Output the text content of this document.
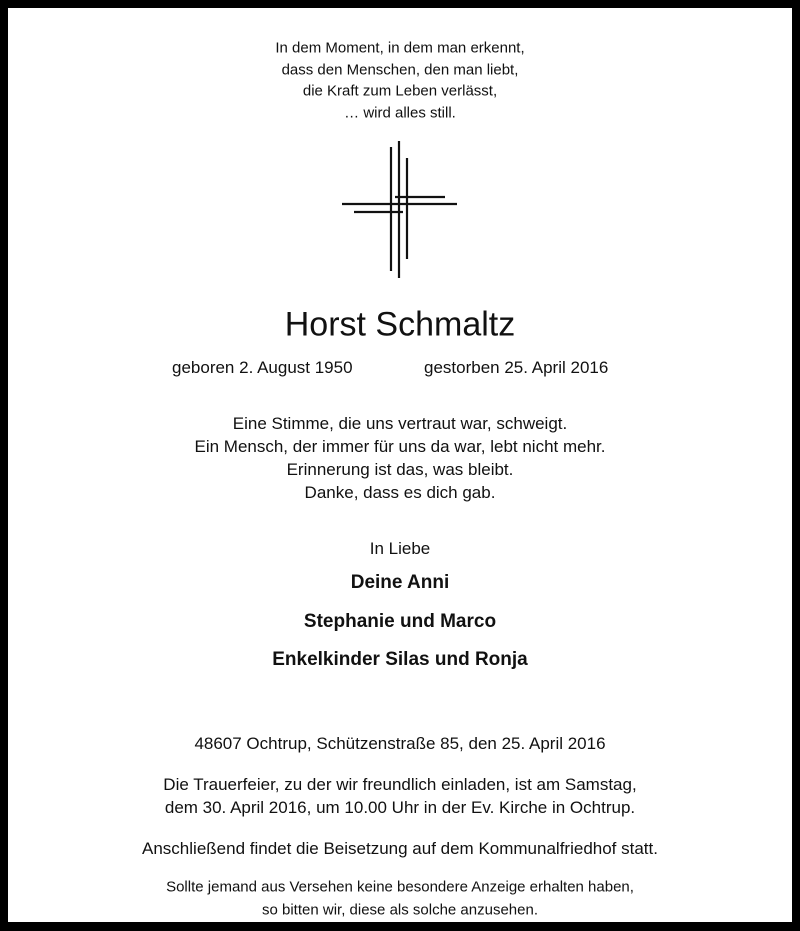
In dem Moment, in dem man erkennt,
dass den Menschen, den man liebt,
die Kraft zum Leben verlässt,
… wird alles still.
Horst Schmaltz
geboren 2. August 1950	gestorben 25. April 2016
Eine Stimme, die uns vertraut war, schweigt.
Ein Mensch, der immer für uns da war, lebt nicht mehr.
Erinnerung ist das, was bleibt.
Danke, dass es dich gab.
In Liebe
Deine Anni
Stephanie und Marco
Enkelkinder Silas und Ronja
48607 Ochtrup, Schützenstraße 85, den 25. April 2016
Die Trauerfeier, zu der wir freundlich einladen, ist am Samstag,
dem 30. April 2016, um 10.00 Uhr in der Ev. Kirche in Ochtrup.
Anschließend findet die Beisetzung auf dem Kommunalfriedhof statt.
Sollte jemand aus Versehen keine besondere Anzeige erhalten haben,
so bitten wir, diese als solche anzusehen.
